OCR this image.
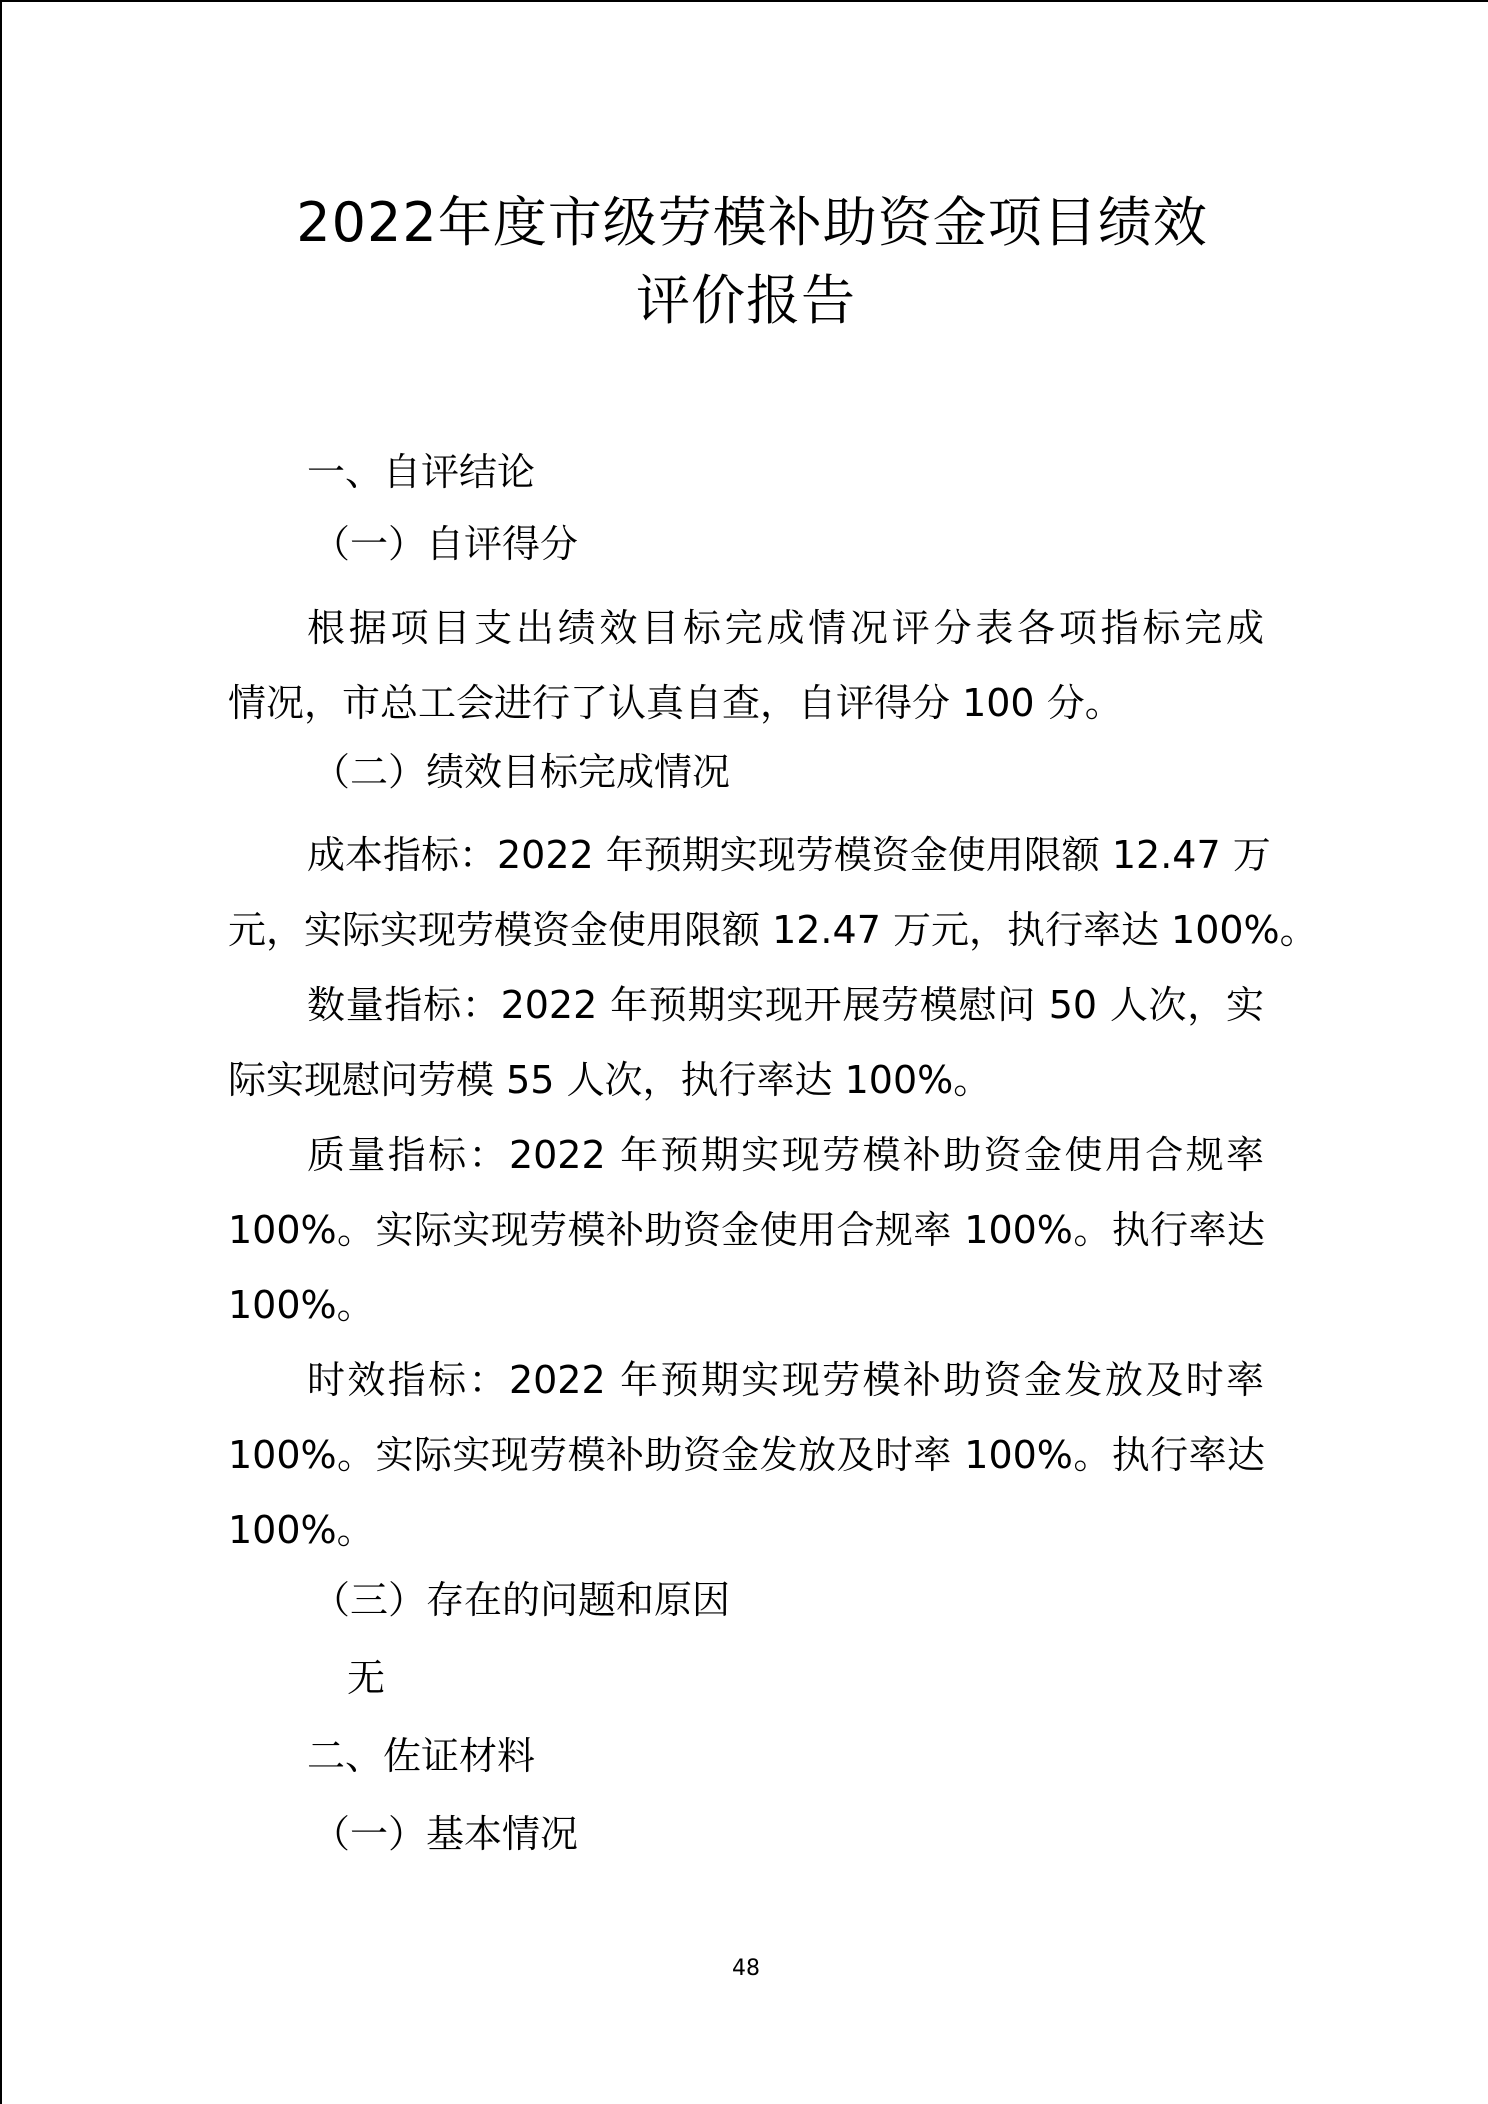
2022年度市级劳模补助资金项目绩效
评价报告
一、自评结论
（一）自评得分
根据项目支出绩效目标完成情况评分表各项指标完成
情况，市总工会进行了认真自查，自评得分 100 分。
（二）绩效目标完成情况
成本指标：2022 年预期实现劳模资金使用限额 12.47 万
元，实际实现劳模资金使用限额 12.47 万元，执行率达 100%。
数量指标：2022 年预期实现开展劳模慰问 50 人次，实
际实现慰问劳模 55 人次，执行率达 100%。
质量指标：2022 年预期实现劳模补助资金使用合规率
100%。实际实现劳模补助资金使用合规率 100%。执行率达
100%。
时效指标：2022 年预期实现劳模补助资金发放及时率
100%。实际实现劳模补助资金发放及时率 100%。执行率达
100%。
（三）存在的问题和原因
无
二、佐证材料
（一）基本情况
48
